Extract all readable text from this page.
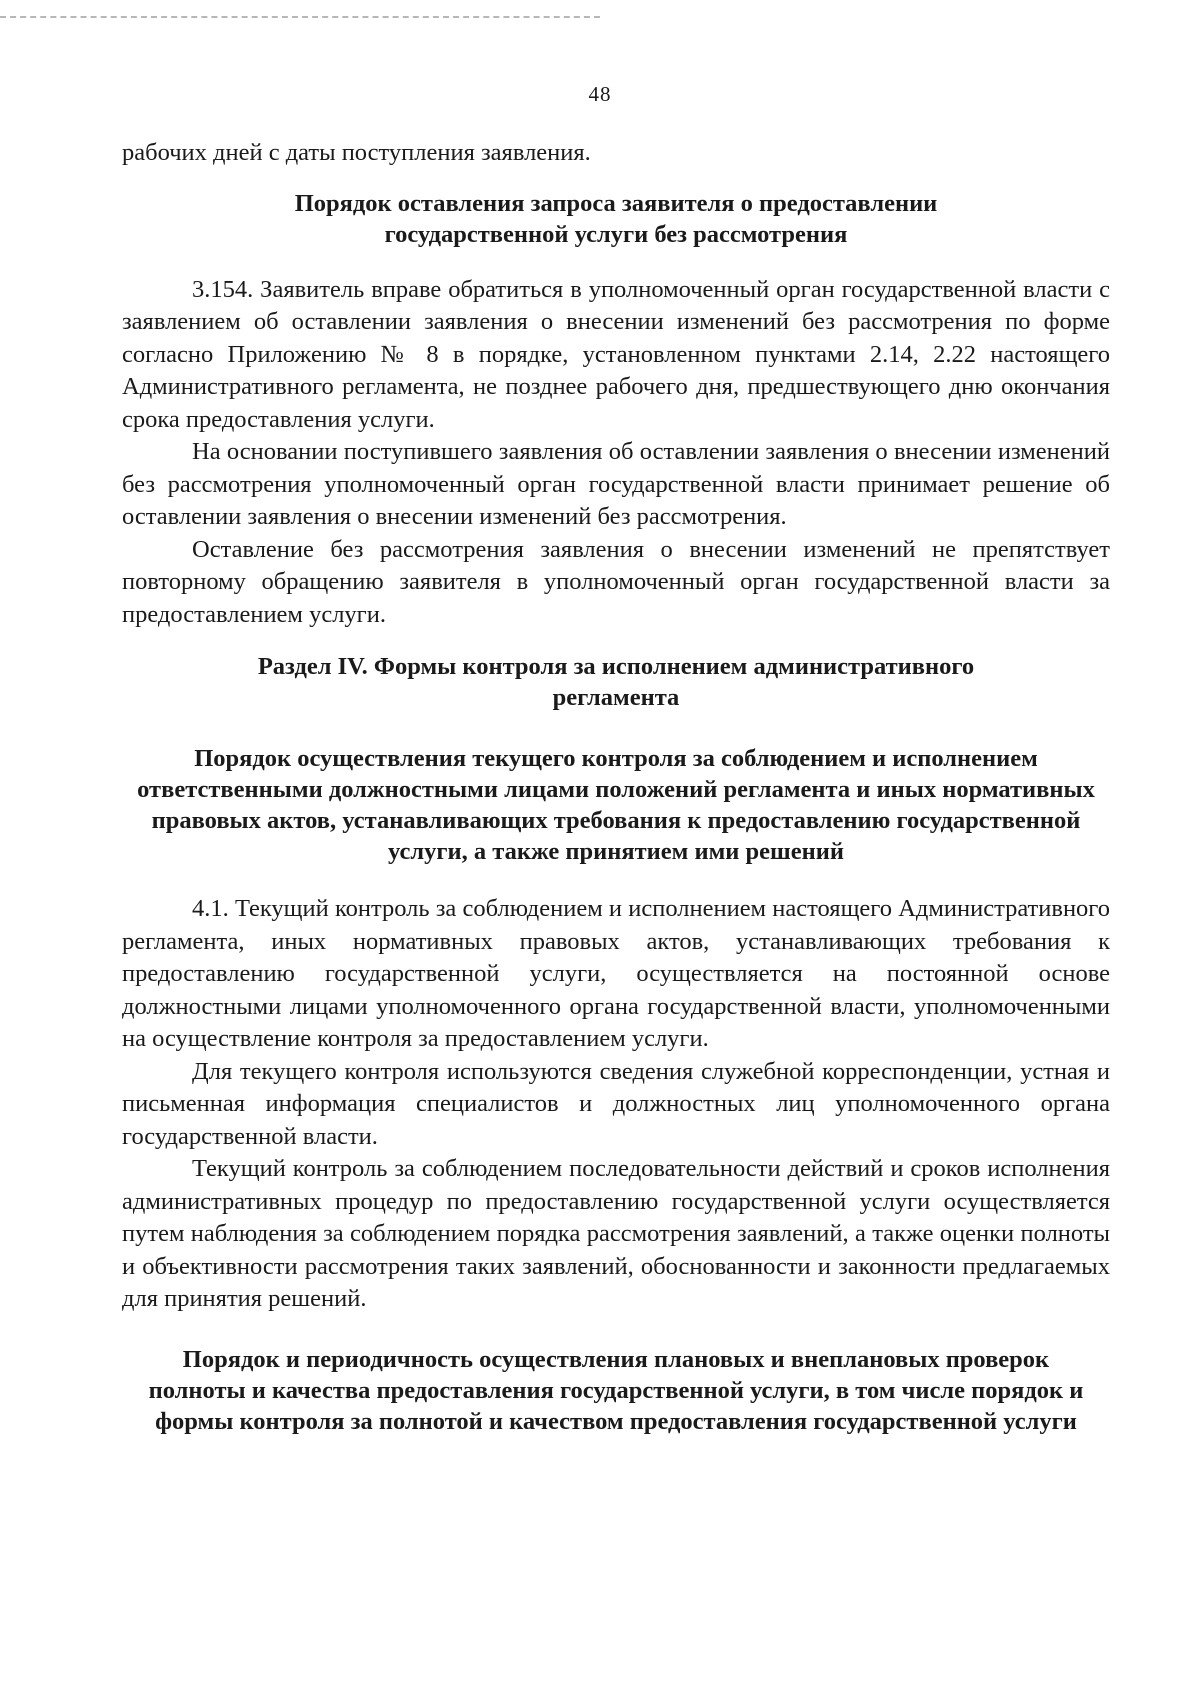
48

рабочих дней с даты поступления заявления.

Порядок оставления запроса заявителя о предоставлении государственной услуги без рассмотрения

3.154. Заявитель вправе обратиться в уполномоченный орган государственной власти с заявлением об оставлении заявления о внесении изменений без рассмотрения по форме согласно Приложению № 8 в порядке, установленном пунктами 2.14, 2.22 настоящего Административного регламента, не позднее рабочего дня, предшествующего дню окончания срока предоставления услуги.

На основании поступившего заявления об оставлении заявления о внесении изменений без рассмотрения уполномоченный орган государственной власти принимает решение об оставлении заявления о внесении изменений без рассмотрения.

Оставление без рассмотрения заявления о внесении изменений не препятствует повторному обращению заявителя в уполномоченный орган государственной власти за предоставлением услуги.

Раздел IV. Формы контроля за исполнением административного регламента
Порядок осуществления текущего контроля за соблюдением и исполнением ответственными должностными лицами положений регламента и иных нормативных правовых актов, устанавливающих требования к предоставлению государственной услуги, а также принятием ими решений

4.1. Текущий контроль за соблюдением и исполнением настоящего Административного регламента, иных нормативных правовых актов, устанавливающих требования к предоставлению государственной услуги, осуществляется на постоянной основе должностными лицами уполномоченного органа государственной власти, уполномоченными на осуществление контроля за предоставлением услуги.

Для текущего контроля используются сведения служебной корреспонденции, устная и письменная информация специалистов и должностных лиц уполномоченного органа государственной власти.

Текущий контроль за соблюдением последовательности действий и сроков исполнения административных процедур по предоставлению государственной услуги осуществляется путем наблюдения за соблюдением порядка рассмотрения заявлений, а также оценки полноты и объективности рассмотрения таких заявлений, обоснованности и законности предлагаемых для принятия решений.

Порядок и периодичность осуществления плановых и внеплановых проверок полноты и качества предоставления государственной услуги, в том числе порядок и формы контроля за полнотой и качеством предоставления государственной услуги
